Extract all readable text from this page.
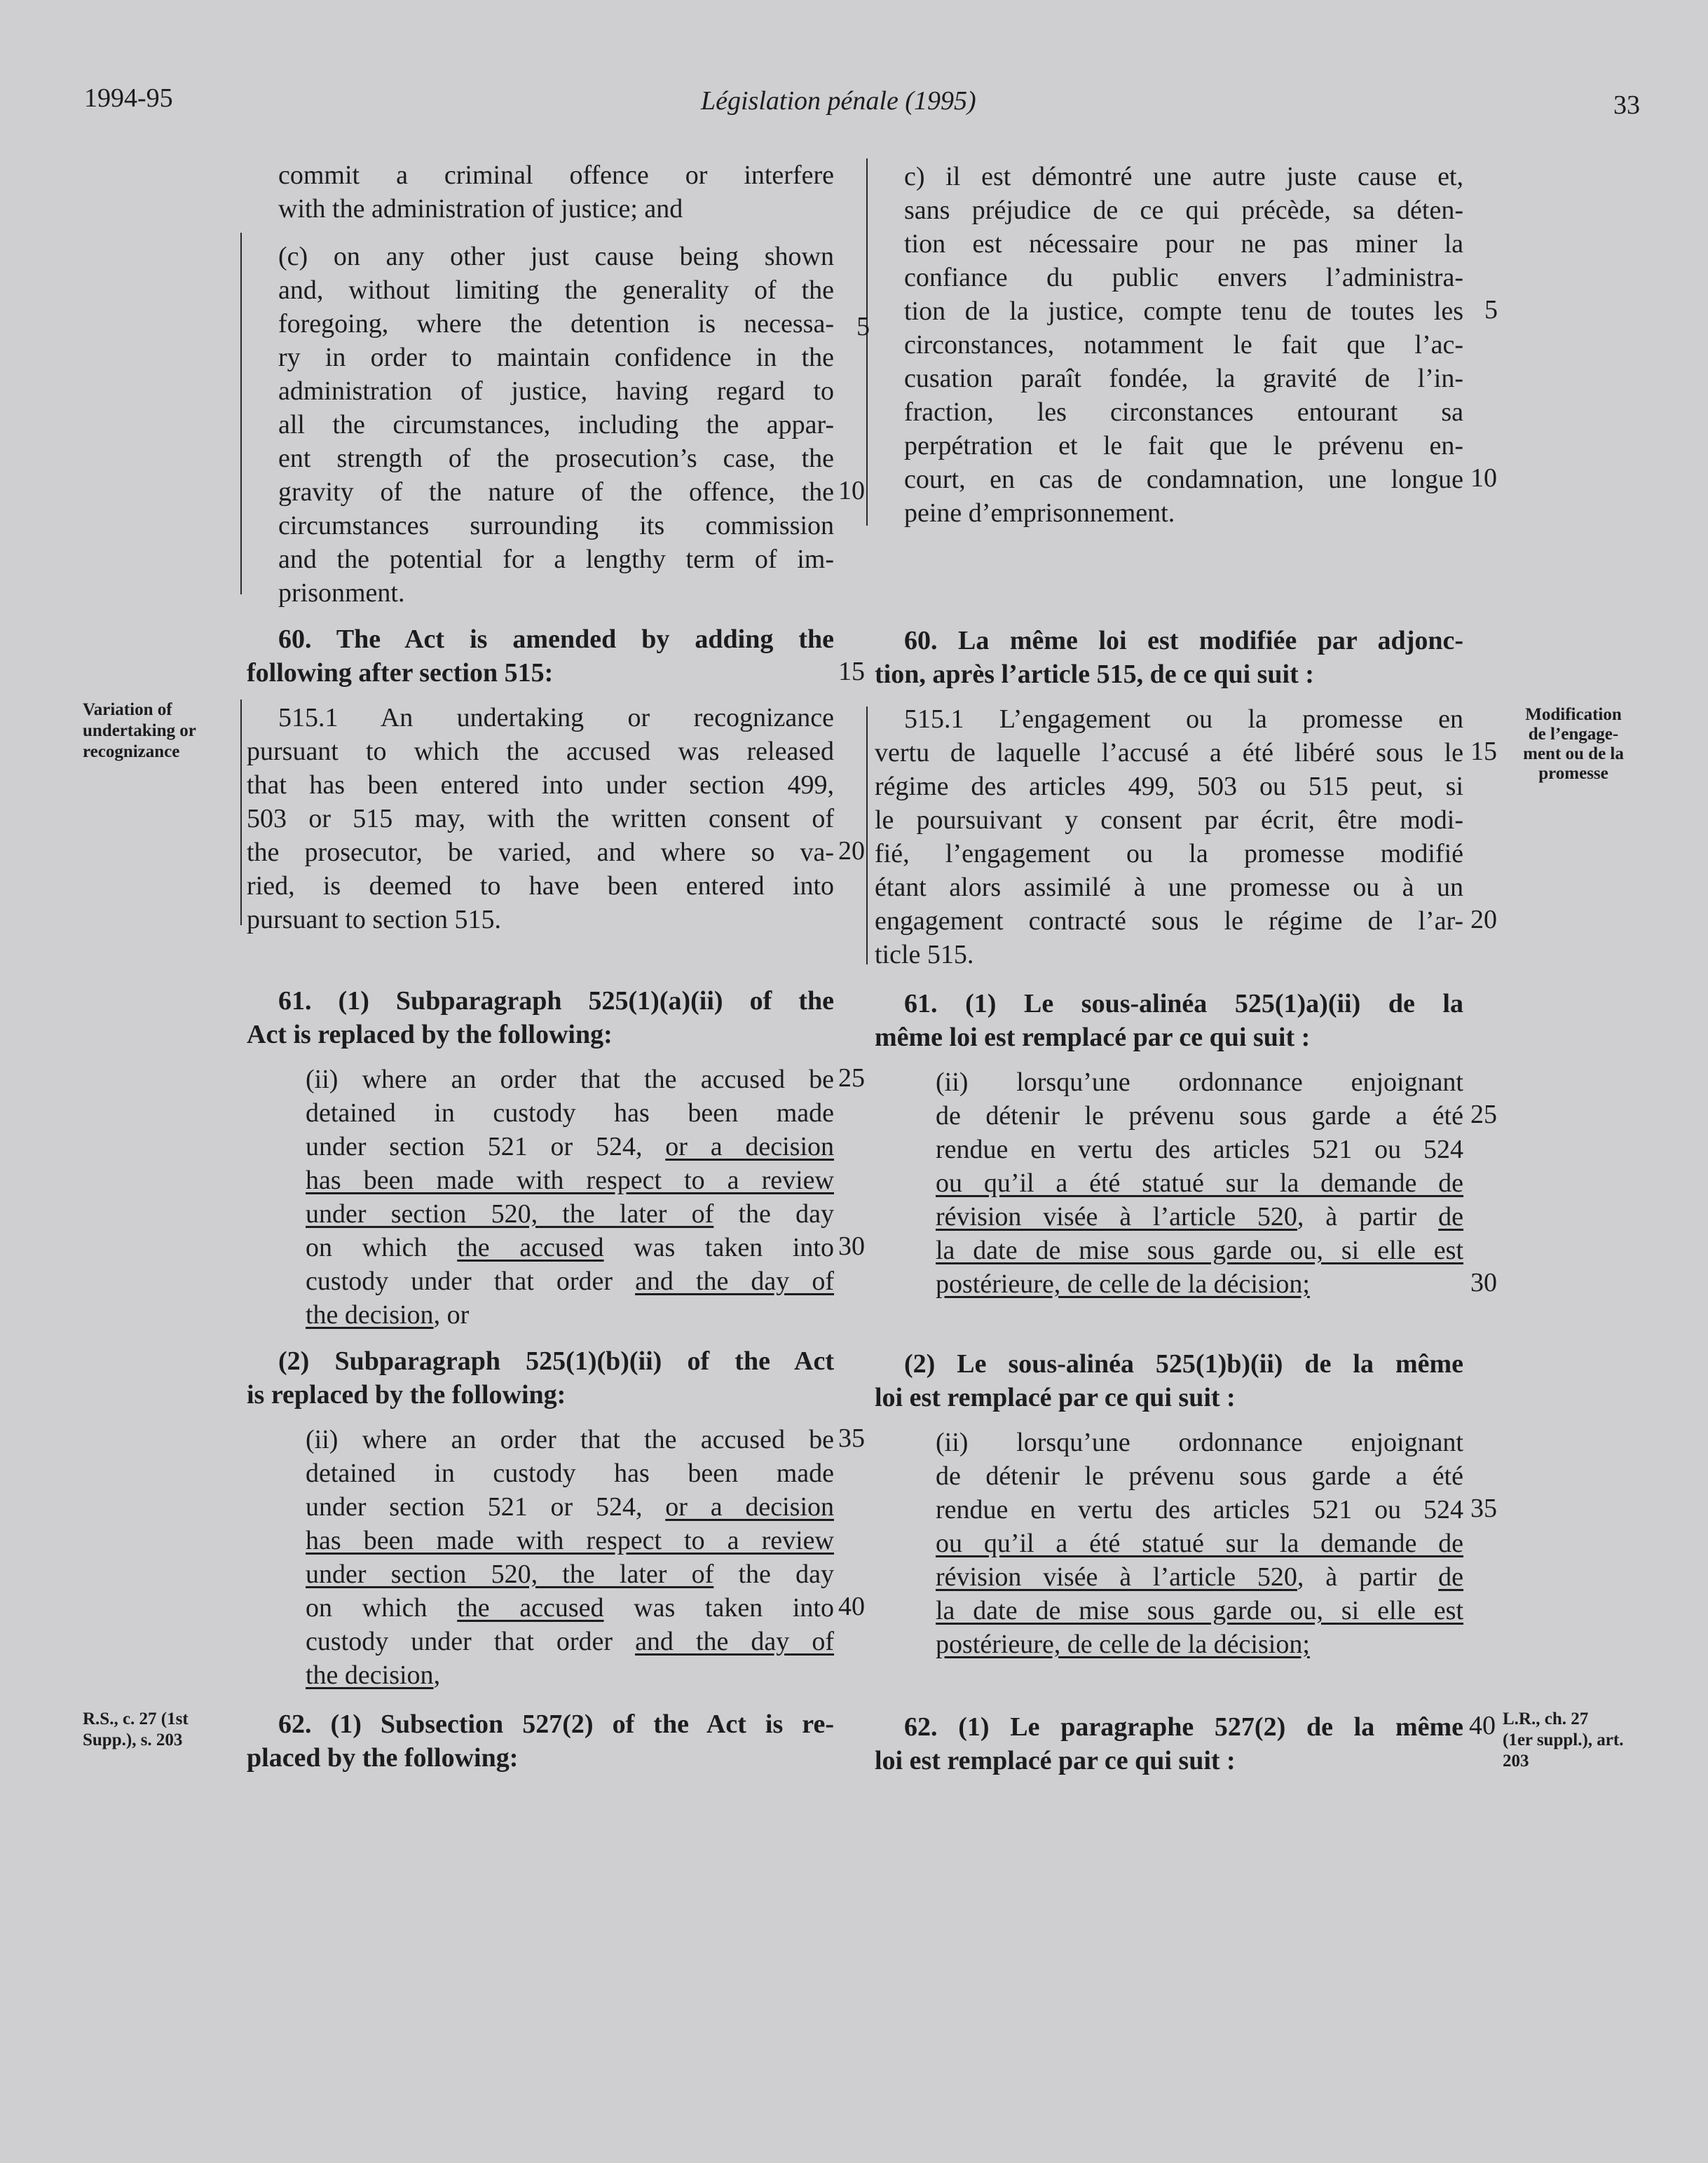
1994-95	Législation pénale (1995)	33

commit a criminal offence or interfere
with the administration of justice; and

(c) on any other just cause being shown
and, without limiting the generality of the
foregoing, where the detention is necessa-
ry in order to maintain confidence in the
administration of justice, having regard to
all the circumstances, including the appar-
ent strength of the prosecution’s case, the
gravity of the nature of the offence, the
circumstances surrounding its commission
and the potential for a lengthy term of im-
prisonment.

60. The Act is amended by adding the
following after section 515:

515.1 An undertaking or recognizance
pursuant to which the accused was released
that has been entered into under section 499,
503 or 515 may, with the written consent of
the prosecutor, be varied, and where so va-
ried, is deemed to have been entered into
pursuant to section 515.

61. (1) Subparagraph 525(1)(a)(ii) of the
Act is replaced by the following:

(ii) where an order that the accused be
detained in custody has been made
under section 521 or 524, or a decision
has been made with respect to a review
under section 520, the later of the day
on which the accused was taken into
custody under that order and the day of
the decision, or

(2) Subparagraph 525(1)(b)(ii) of the Act
is replaced by the following:

(ii) where an order that the accused be
detained in custody has been made
under section 521 or 524, or a decision
has been made with respect to a review
under section 520, the later of the day
on which the accused was taken into
custody under that order and the day of
the decision,

62. (1) Subsection 527(2) of the Act is re-
placed by the following:

c) il est démontré une autre juste cause et,
sans préjudice de ce qui précède, sa déten-
tion est nécessaire pour ne pas miner la
confiance du public envers l’administra-
tion de la justice, compte tenu de toutes les
circonstances, notamment le fait que l’ac-
cusation paraît fondée, la gravité de l’in-
fraction, les circonstances entourant sa
perpétration et le fait que le prévenu en-
court, en cas de condamnation, une longue
peine d’emprisonnement.

60. La même loi est modifiée par adjonc-
tion, après l’article 515, de ce qui suit :

515.1 L’engagement ou la promesse en
vertu de laquelle l’accusé a été libéré sous le
régime des articles 499, 503 ou 515 peut, si
le poursuivant y consent par écrit, être modi-
fié, l’engagement ou la promesse modifié
étant alors assimilé à une promesse ou à un
engagement contracté sous le régime de l’ar-
ticle 515.

61. (1) Le sous-alinéa 525(1)a)(ii) de la
même loi est remplacé par ce qui suit :

(ii) lorsqu’une ordonnance enjoignant
de détenir le prévenu sous garde a été
rendue en vertu des articles 521 ou 524
ou qu’il a été statué sur la demande de
révision visée à l’article 520, à partir de
la date de mise sous garde ou, si elle est
postérieure, de celle de la décision;

(2) Le sous-alinéa 525(1)b)(ii) de la même
loi est remplacé par ce qui suit :

(ii) lorsqu’une ordonnance enjoignant
de détenir le prévenu sous garde a été
rendue en vertu des articles 521 ou 524
ou qu’il a été statué sur la demande de
révision visée à l’article 520, à partir de
la date de mise sous garde ou, si elle est
postérieure, de celle de la décision;

62. (1) Le paragraphe 527(2) de la même
loi est remplacé par ce qui suit :

5
10
15
20
25
30
35
40
5
10
15
20
25
30
35
40
Variation of
undertaking or
recognizance
Modification
de l’engage-
ment ou de la
promesse
R.S., c. 27 (1st
Supp.), s. 203
L.R., ch. 27
(1er suppl.), art.
203
